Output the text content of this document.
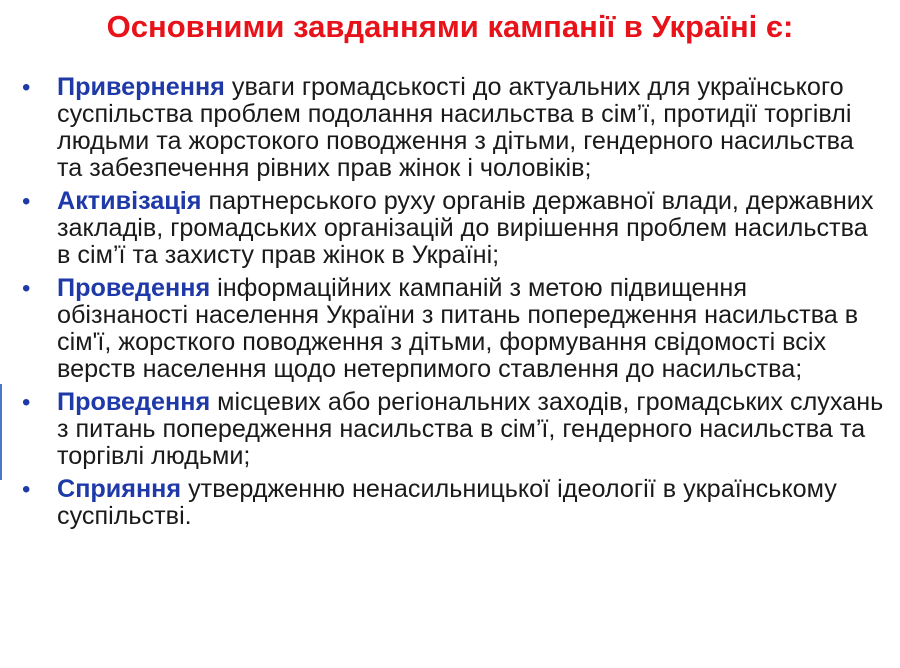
Основними завданнями кампанії в Україні є:
•	Привернення уваги громадськості до актуальних для українського суспільства проблем подолання насильства в сім’ї, протидії торгівлі людьми та жорстокого поводження з дітьми, гендерного насильства та забезпечення рівних прав жінок і чоловіків;
•	Активізація партнерського руху органів державної влади, державних закладів, громадських організацій до вирішення проблем насильства в сім’ї та захисту прав жінок в Україні;
•	Проведення інформаційних кампаній з метою підвищення обізнаності населення України з питань попередження насильства в сім'ї, жорсткого поводження з дітьми, формування свідомості всіх верств населення щодо нетерпимого ставлення до насильства;
•	Проведення місцевих або регіональних заходів, громадських слухань з питань попередження насильства в сім’ї, гендерного насильства та торгівлі людьми;
•	Сприяння утвердженню ненасильницької ідеології в українському суспільстві.
